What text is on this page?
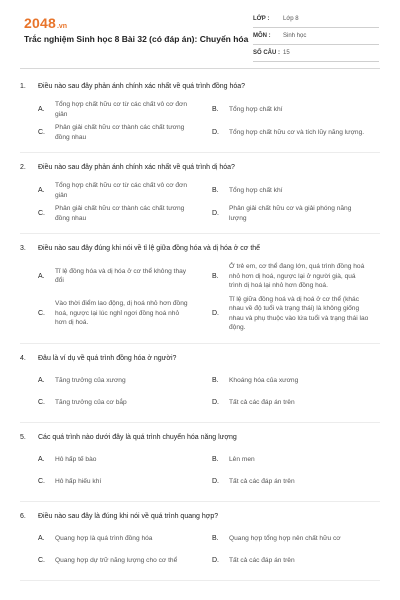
2048.vn
Trắc nghiệm Sinh học 8 Bài 32 (có đáp án): Chuyển hóa
LỚP : Lớp 8
MÔN : Sinh học
SỐ CÂU : 15
1. Điều nào sau đây phản ánh chính xác nhất về quá trình đồng hóa?
A.
Tổng hợp chất hữu cơ từ các chất vô cơ đơn giản
B.	Tổng hợp chất khí
C.
Phân giải chất hữu cơ thành các chất tương đồng nhau
D.	Tổng hợp chất hữu cơ và tích lũy năng lượng.
2. Điều nào sau đây phản ánh chính xác nhất về quá trình dị hóa?
A.
Tổng hợp chất hữu cơ từ các chất vô cơ đơn giản
B.	Tổng hợp chất khí
C.
Phân giải chất hữu cơ thành các chất tương đồng nhau
D.
Phân giải chất hữu cơ và giải phóng năng lượng
3. Điều nào sau đây đúng khi nói về tỉ lệ giữa đồng hóa và dị hóa ở cơ thể
A.
Tỉ lệ đồng hóa và dị hóa ở cơ thể không thay đổi
B.
Ở trẻ em, cơ thể đang lớn, quá trình đồng hoá nhỏ hơn dị hoá, ngược lại ở người già, quá trình dị hoá lại nhỏ hơn đồng hoá.
C.
Vào thời điểm lao động, dị hoá nhỏ hơn đồng hoá, ngược lại lúc nghỉ ngơi đồng hoá nhỏ hơn dị hoá.
D.
Tỉ lệ giữa đồng hoá và dị hoá ở cơ thể (khác nhau về độ tuổi và trạng thái) là không giống nhau và phụ thuộc vào lứa tuổi và trạng thái lao động.
4. Đâu là ví dụ về quá trình đồng hóa ở người?
A.	Tăng trưởng của xương	B.	Khoáng hóa của xương
C.	Tăng trưởng của cơ bắp	D.	Tất cả các đáp án trên
5. Các quá trình nào dưới đây là quá trình chuyển hóa năng lượng
A.	Hô hấp tế bào	B.	Lên men
C.	Hô hấp hiếu khí	D.	Tất cả các đáp án trên
6. Điều nào sau đây là đúng khi nói về quá trình quang hợp?
A.	Quang hợp là quá trình đồng hóa	B.	Quang hợp tổng hợp nên chất hữu cơ
C.	Quang hợp dự trữ năng lượng cho cơ thể	D.	Tất cả các đáp án trên
